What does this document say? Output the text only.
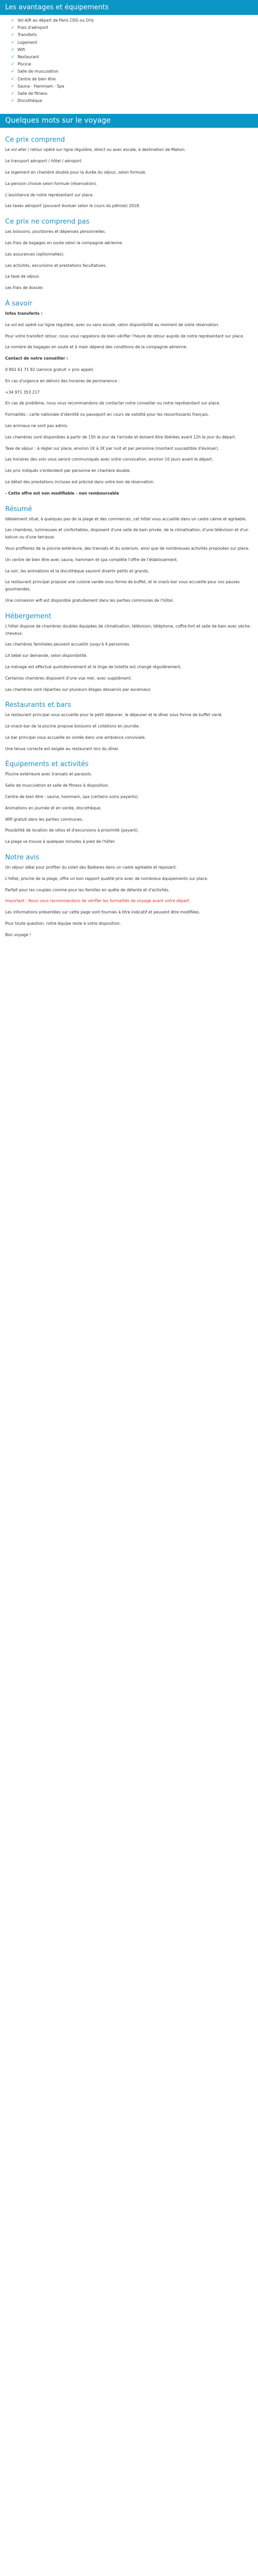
Les avantages et équipements
✓ Vol A/R au départ de Paris CDG ou Orly
✓ Frais d'aéroport
✓ Transferts
✓ Logement
✓ Wifi
✓ Restaurant
✓ Piscine
✓ Salle de musculation
✓ Centre de bien être
✓ Sauna - Hammam - Spa
✓ Salle de fitness
✓ Discothèque
Quelques mots sur le voyage
Ce prix comprend

Le vol aller / retour opéré sur ligne régulière, direct ou avec escale, à destination de Mahon.

Le transport aéroport / hôtel / aéroport.

Le logement en chambre double pour la durée du séjour, selon formule.

La pension choisie selon formule (réservation).

L'assistance de notre représentant sur place.

Les taxes aéroport (pouvant évoluer selon le cours du pétrole) 2018.

Ce prix ne comprend pas

Les boissons, pourboires et dépenses personnelles.

Les frais de bagages en soute selon la compagnie aérienne.

Les assurances (optionnelles).

Les activités, excursions et prestations facultatives.

La taxe de séjour.

Les frais de dossier.

À savoir

Infos transferts :

Le vol est opéré sur ligne régulière, avec ou sans escale, selon disponibilité au moment de votre réservation.

Pour votre transfert retour, nous vous rappelons de bien vérifier l'heure de retour auprès de notre représentant sur place.

Le nombre de bagages en soute et à main dépend des conditions de la compagnie aérienne.

Contact de notre conseiller :

0 801 61 71 92 (service gratuit + prix appel)

En cas d'urgence en dehors des horaires de permanence :

+34 971 353 217

En cas de problème, nous vous recommandons de contacter notre conseiller ou notre représentant sur place.

Formalités : carte nationale d'identité ou passeport en cours de validité pour les ressortissants français.

Les animaux ne sont pas admis.

Les chambres sont disponibles à partir de 15h le jour de l'arrivée et doivent être libérées avant 12h le jour du départ.

Taxe de séjour : à régler sur place, environ 1€ à 2€ par nuit et par personne (montant susceptible d'évoluer).

Les horaires des vols vous seront communiqués avec votre convocation, environ 10 jours avant le départ.

Les prix indiqués s'entendent par personne en chambre double.

Le détail des prestations incluses est précisé dans votre bon de réservation.

- Cette offre est non modifiable - non remboursable

Résumé

Idéalement situé, à quelques pas de la plage et des commerces, cet hôtel vous accueille dans un cadre calme et agréable.

Les chambres, lumineuses et confortables, disposent d'une salle de bain privée, de la climatisation, d'une télévision et d'un balcon ou d'une terrasse.

Vous profiterez de la piscine extérieure, des transats et du solarium, ainsi que de nombreuses activités proposées sur place.

Un centre de bien être avec sauna, hammam et spa complète l'offre de l'établissement.

Le soir, les animations et la discothèque sauront divertir petits et grands.

Le restaurant principal propose une cuisine variée sous forme de buffet, et le snack-bar vous accueille pour vos pauses gourmandes.

Une connexion wifi est disponible gratuitement dans les parties communes de l'hôtel.

Hébergement

L'hôtel dispose de chambres doubles équipées de climatisation, télévision, téléphone, coffre-fort et salle de bain avec sèche-cheveux.

Les chambres familiales peuvent accueillir jusqu'à 4 personnes.

Lit bébé sur demande, selon disponibilité.

Le ménage est effectué quotidiennement et le linge de toilette est changé régulièrement.

Certaines chambres disposent d'une vue mer, avec supplément.

Les chambres sont réparties sur plusieurs étages desservis par ascenseur.

Restaurants et bars

Le restaurant principal vous accueille pour le petit déjeuner, le déjeuner et le dîner sous forme de buffet varié.

Le snack-bar de la piscine propose boissons et collations en journée.

Le bar principal vous accueille en soirée dans une ambiance conviviale.

Une tenue correcte est exigée au restaurant lors du dîner.

Équipements et activités

Piscine extérieure avec transats et parasols.

Salle de musculation et salle de fitness à disposition.

Centre de bien être : sauna, hammam, spa (certains soins payants).

Animations en journée et en soirée, discothèque.

Wifi gratuit dans les parties communes.

Possibilité de location de vélos et d'excursions à proximité (payant).

La plage se trouve à quelques minutes à pied de l'hôtel.

Notre avis

Un séjour idéal pour profiter du soleil des Baléares dans un cadre agréable et reposant.

L'hôtel, proche de la plage, offre un bon rapport qualité-prix avec de nombreux équipements sur place.

Parfait pour les couples comme pour les familles en quête de détente et d'activités.

Important : Nous vous recommandons de vérifier les formalités de voyage avant votre départ.

Les informations présentées sur cette page sont fournies à titre indicatif et peuvent être modifiées.

Pour toute question, notre équipe reste à votre disposition.

Bon voyage !
